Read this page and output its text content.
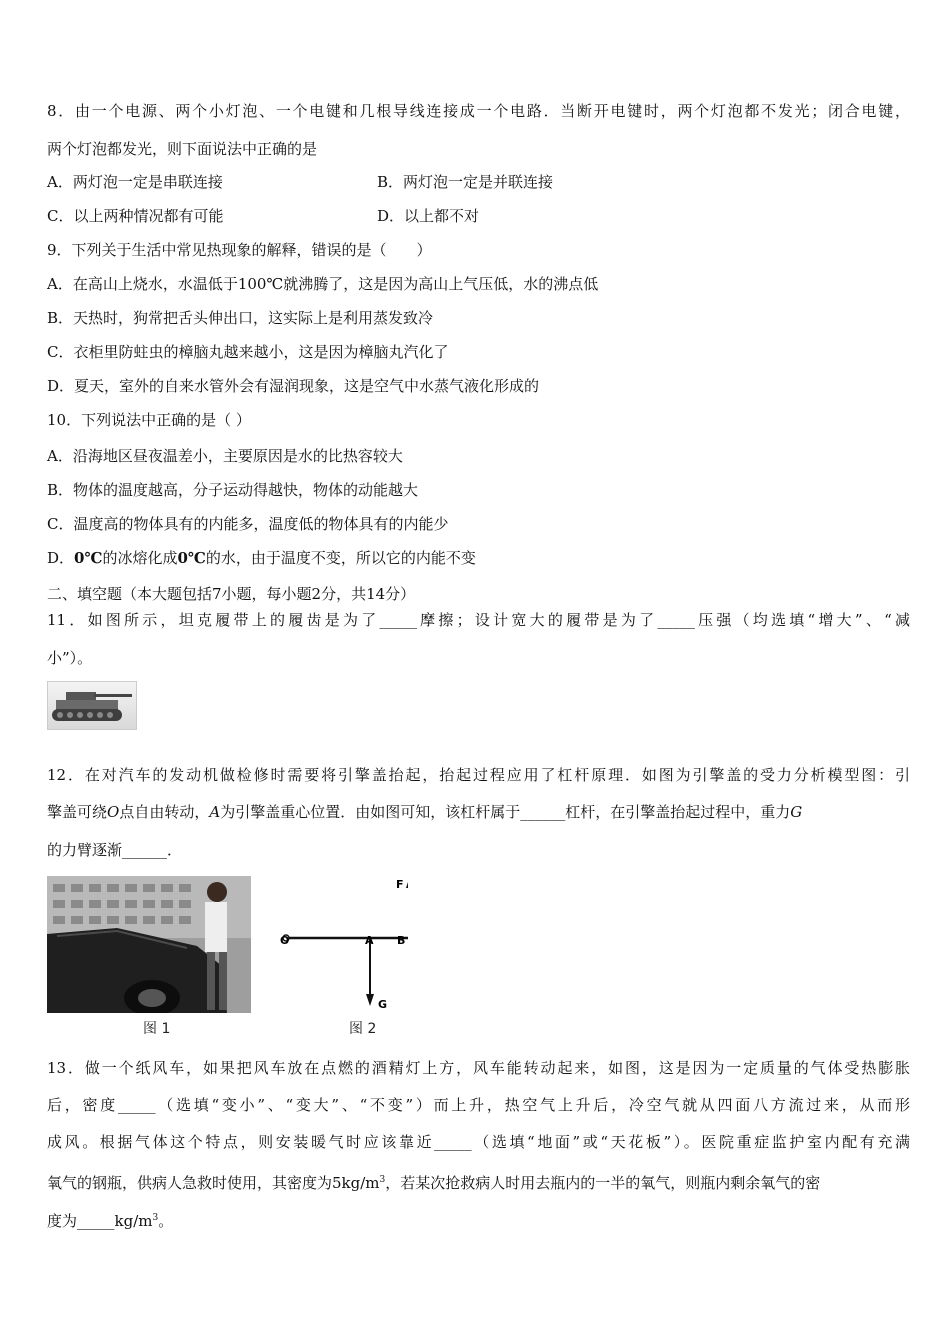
8．由一个电源、两个小灯泡、一个电键和几根导线连接成一个电路．当断开电键时，两个灯泡都不发光；闭合电键，
两个灯泡都发光，则下面说法中正确的是
A．两灯泡一定是串联连接	B．两灯泡一定是并联连接
C．以上两种情况都有可能	D．以上都不对
9．下列关于生活中常见热现象的解释，错误的是（　　）
A．在高山上烧水，水温低于100℃就沸腾了，这是因为高山上气压低，水的沸点低
B．天热时，狗常把舌头伸出口，这实际上是利用蒸发致冷
C．衣柜里防蛀虫的樟脑丸越来越小，这是因为樟脑丸汽化了
D．夏天，室外的自来水管外会有湿润现象，这是空气中水蒸气液化形成的
10．下列说法中正确的是（ ）
A．沿海地区昼夜温差小，主要原因是水的比热容较大
B．物体的温度越高，分子运动得越快，物体的动能越大
C．温度高的物体具有的内能多，温度低的物体具有的内能少
D．0℃的冰熔化成0℃的水，由于温度不变，所以它的内能不变
二、填空题（本大题包括7小题，每小题2分，共14分）
11．如图所示，坦克履带上的履齿是为了_____摩擦；设计宽大的履带是为了_____压强（均选填“增大”、“减
小”）。
12．在对汽车的发动机做检修时需要将引擎盖抬起，抬起过程应用了杠杆原理．如图为引擎盖的受力分析模型图：引
擎盖可绕O点自由转动，A为引擎盖重心位置．由如图可知，该杠杆属于______杠杆，在引擎盖抬起过程中，重力G
的力臂逐渐______．
图 1
F
O	A B
G
图 2
13．做一个纸风车，如果把风车放在点燃的酒精灯上方，风车能转动起来，如图，这是因为一定质量的气体受热膨胀
后，密度_____（选填“变小”、“变大”、“不变”）而上升，热空气上升后，冷空气就从四面八方流过来，从而形
成风。根据气体这个特点，则安装暖气时应该靠近_____（选填“地面”或“天花板”）。医院重症监护室内配有充满
氧气的钢瓶，供病人急救时使用，其密度为$5kg/m^3$，若某次抢救病人时用去瓶内的一半的氧气，则瓶内剩余氧气的密
度为$\_\_\_\_\_kg/m^3$。
